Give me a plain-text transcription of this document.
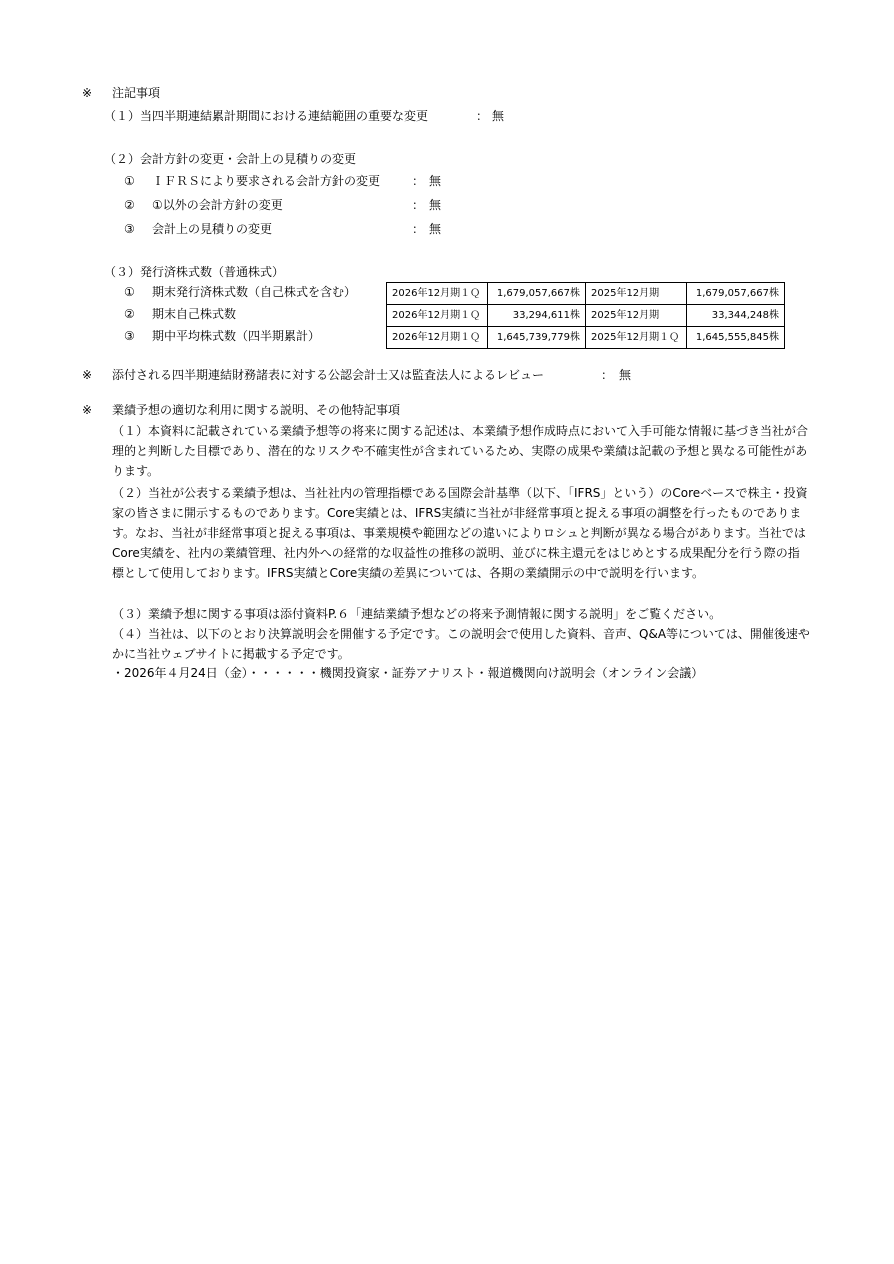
※ 注記事項
（１）当四半期連結累計期間における連結範囲の重要な変更	： 無
（２）会計方針の変更・会計上の見積りの変更
① ＩＦＲＳにより要求される会計方針の変更	： 無
② ①以外の会計方針の変更	： 無
③ 会計上の見積りの変更	： 無
（３）発行済株式数（普通株式）
① 期末発行済株式数（自己株式を含む）
② 期末自己株式数
③ 期中平均株式数（四半期累計）
2026年12月期１Ｑ	1,679,057,667株	2025年12月期	1,679,057,667株
2026年12月期１Ｑ	33,294,611株	2025年12月期	33,344,248株
2026年12月期１Ｑ	1,645,739,779株	2025年12月期１Ｑ	1,645,555,845株
※ 添付される四半期連結財務諸表に対する公認会計士又は監査法人によるレビュー	： 無
※ 業績予想の適切な利用に関する説明、その他特記事項
（１）本資料に記載されている業績予想等の将来に関する記述は、本業績予想作成時点において入手可能な情報に基づき当社が合理的と判断した目標であり、潜在的なリスクや不確実性が含まれているため、実際の成果や業績は記載の予想と異なる可能性があります。
（２）当社が公表する業績予想は、当社社内の管理指標である国際会計基準（以下、「IFRS」という）のCoreベースで株主・投資家の皆さまに開示するものであります。Core実績とは、IFRS実績に当社が非経常事項と捉える事項の調整を行ったものであります。なお、当社が非経常事項と捉える事項は、事業規模や範囲などの違いによりロシュと判断が異なる場合があります。当社ではCore実績を、社内の業績管理、社内外への経常的な収益性の推移の説明、並びに株主還元をはじめとする成果配分を行う際の指標として使用しております。IFRS実績とCore実績の差異については、各期の業績開示の中で説明を行います。
（３）業績予想に関する事項は添付資料P.６「連結業績予想などの将来予測情報に関する説明」をご覧ください。
（４）当社は、以下のとおり決算説明会を開催する予定です。この説明会で使用した資料、音声、Q&A等については、開催後速やかに当社ウェブサイトに掲載する予定です。
・2026年４月24日（金）・・・・・・機関投資家・証券アナリスト・報道機関向け説明会（オンライン会議）
